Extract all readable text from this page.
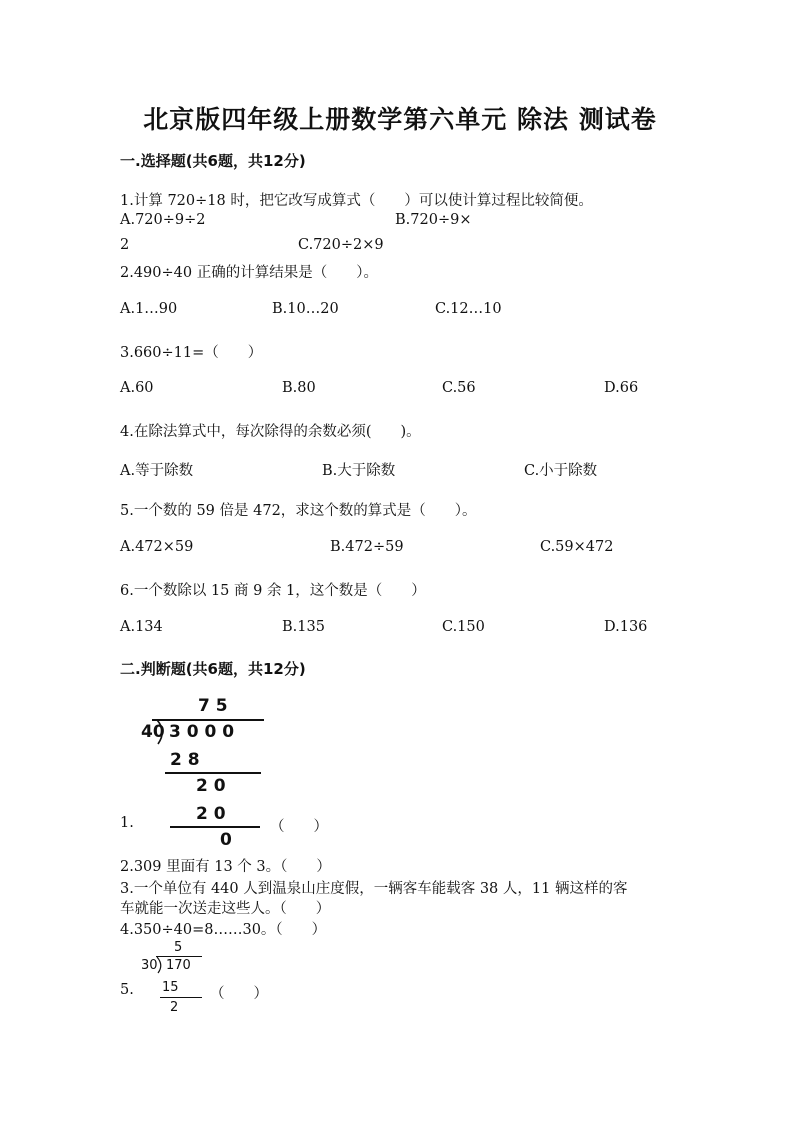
北京版四年级上册数学第六单元 除法 测试卷
一.选择题(共6题，共12分)
1.计算 720÷18 时，把它改写成算式（　　）可以使计算过程比较简便。
A.720÷9÷2	B.720÷9×
2	C.720÷2×9
2.490÷40 正确的计算结果是（　　）。
A.1…90	B.10…20	C.12…10
3.660÷11=（　　）
A.60	B.80	C.56	D.66
4.在除法算式中，每次除得的余数必须(　　)。
A.等于除数	B.大于除数	C.小于除数
5.一个数的 59 倍是 472，求这个数的算式是（　　）。
A.472×59	B.472÷59	C.59×472
6.一个数除以 15 商 9 余 1，这个数是（　　）
A.134	B.135	C.150	D.136
二.判断题(共6题，共12分)
7 5
40 3 0 0 0
2 8
2 0
2 0
0
1.	（　　）
2.309 里面有 13 个 3。（　　）
3.一个单位有 440 人到温泉山庄度假，一辆客车能载客 38 人，11 辆这样的客
车就能一次送走这些人。（　　）
4.350÷40=8……30。（　　）
5
30 170
15
2
5.	（　　）
